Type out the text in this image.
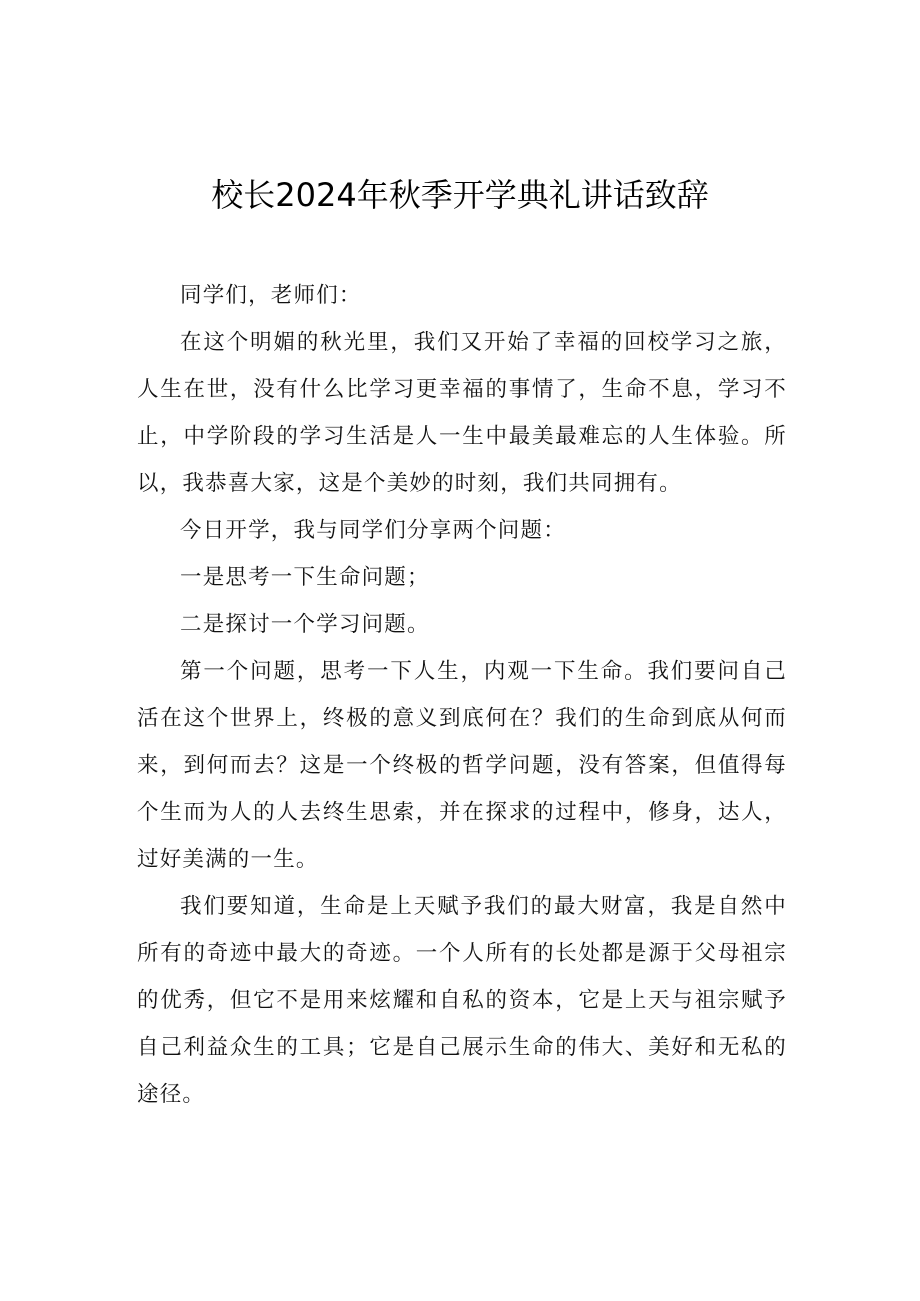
校长2024年秋季开学典礼讲话致辞

同学们，老师们：

在这个明媚的秋光里，我们又开始了幸福的回校学习之旅，人生在世，没有什么比学习更幸福的事情了，生命不息，学习不止，中学阶段的学习生活是人一生中最美最难忘的人生体验。所以，我恭喜大家，这是个美妙的时刻，我们共同拥有。

今日开学，我与同学们分享两个问题：

一是思考一下生命问题；

二是探讨一个学习问题。

第一个问题，思考一下人生，内观一下生命。我们要问自己活在这个世界上，终极的意义到底何在？我们的生命到底从何而来，到何而去？这是一个终极的哲学问题，没有答案，但值得每个生而为人的人去终生思索，并在探求的过程中，修身，达人，过好美满的一生。

我们要知道，生命是上天赋予我们的最大财富，我是自然中所有的奇迹中最大的奇迹。一个人所有的长处都是源于父母祖宗的优秀，但它不是用来炫耀和自私的资本，它是上天与祖宗赋予自己利益众生的工具；它是自己展示生命的伟大、美好和无私的途径。
